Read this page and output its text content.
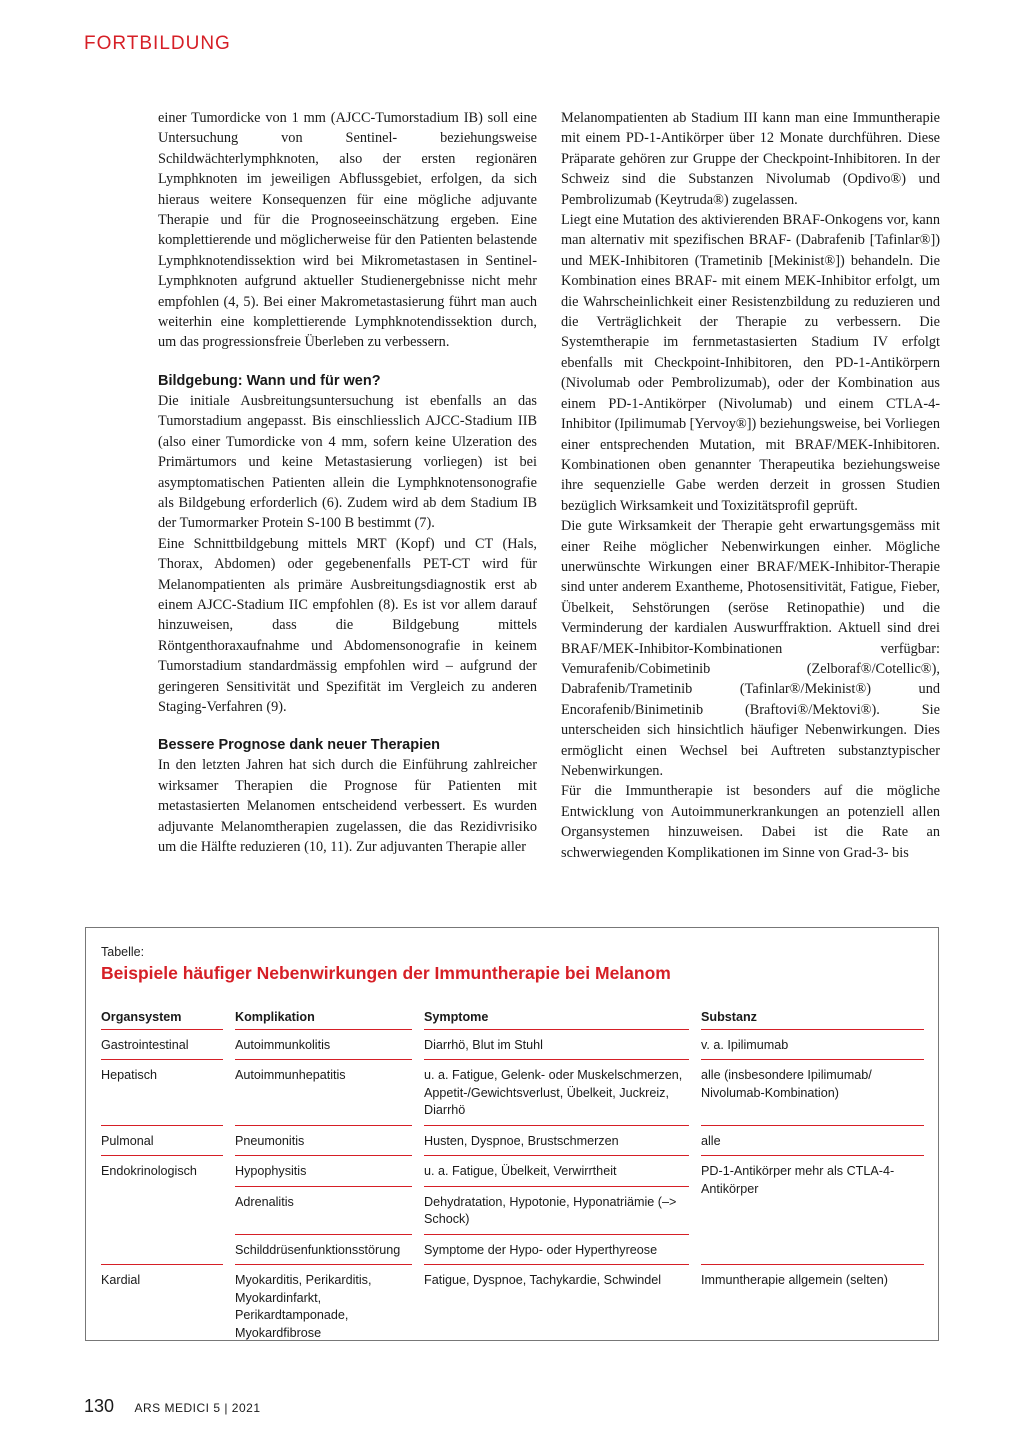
FORTBILDUNG

einer Tumordicke von 1 mm (AJCC-Tumorstadium IB) soll eine Untersuchung von Sentinel- beziehungsweise Schildwächterlymphknoten, also der ersten regionären Lymphknoten im jeweiligen Abflussgebiet, erfolgen, da sich hieraus weitere Konsequenzen für eine mögliche adjuvante Therapie und für die Prognoseeinschätzung ergeben. Eine komplettierende und möglicherweise für den Patienten belastende Lymphknotendissektion wird bei Mikrometastasen in Sentinel-Lymphknoten aufgrund aktueller Studienergebnisse nicht mehr empfohlen (4, 5). Bei einer Makrometastasierung führt man auch weiterhin eine komplettierende Lymphknotendissektion durch, um das progressionsfreie Überleben zu verbessern.

Bildgebung: Wann und für wen?

Die initiale Ausbreitungsuntersuchung ist ebenfalls an das Tumorstadium angepasst. Bis einschliesslich AJCC-Stadium IIB (also einer Tumordicke von 4 mm, sofern keine Ulzeration des Primärtumors und keine Metastasierung vorliegen) ist bei asymptomatischen Patienten allein die Lymphknotensonografie als Bildgebung erforderlich (6). Zudem wird ab dem Stadium IB der Tumormarker Protein S-100 B bestimmt (7).

Eine Schnittbildgebung mittels MRT (Kopf) und CT (Hals, Thorax, Abdomen) oder gegebenenfalls PET-CT wird für Melanompatienten als primäre Ausbreitungsdiagnostik erst ab einem AJCC-Stadium IIC empfohlen (8). Es ist vor allem darauf hinzuweisen, dass die Bildgebung mittels Röntgenthoraxaufnahme und Abdomensonografie in keinem Tumorstadium standardmässig empfohlen wird – aufgrund der geringeren Sensitivität und Spezifität im Vergleich zu anderen Staging-Verfahren (9).

Bessere Prognose dank neuer Therapien

In den letzten Jahren hat sich durch die Einführung zahlreicher wirksamer Therapien die Prognose für Patienten mit metastasierten Melanomen entscheidend verbessert. Es wurden adjuvante Melanomtherapien zugelassen, die das Rezidivrisiko um die Hälfte reduzieren (10, 11). Zur adjuvanten Therapie aller

Melanompatienten ab Stadium III kann man eine Immuntherapie mit einem PD-1-Antikörper über 12 Monate durchführen. Diese Präparate gehören zur Gruppe der Checkpoint-Inhibitoren. In der Schweiz sind die Substanzen Nivolumab (Opdivo®) und Pembrolizumab (Keytruda®) zugelassen.

Liegt eine Mutation des aktivierenden BRAF-Onkogens vor, kann man alternativ mit spezifischen BRAF- (Dabrafenib [Tafinlar®]) und MEK-Inhibitoren (Trametinib [Mekinist®]) behandeln. Die Kombination eines BRAF- mit einem MEK-Inhibitor erfolgt, um die Wahrscheinlichkeit einer Resistenzbildung zu reduzieren und die Verträglichkeit der Therapie zu verbessern. Die Systemtherapie im fernmetastasierten Stadium IV erfolgt ebenfalls mit Checkpoint-Inhibitoren, den PD-1-Antikörpern (Nivolumab oder Pembrolizumab), oder der Kombination aus einem PD-1-Antikörper (Nivolumab) und einem CTLA-4-Inhibitor (Ipilimumab [Yervoy®]) beziehungsweise, bei Vorliegen einer entsprechenden Mutation, mit BRAF/MEK-Inhibitoren. Kombinationen oben genannter Therapeutika beziehungsweise ihre sequenzielle Gabe werden derzeit in grossen Studien bezüglich Wirksamkeit und Toxizitätsprofil geprüft.

Die gute Wirksamkeit der Therapie geht erwartungsgemäss mit einer Reihe möglicher Nebenwirkungen einher. Mögliche unerwünschte Wirkungen einer BRAF/MEK-Inhibitor-Therapie sind unter anderem Exantheme, Photosensitivität, Fatigue, Fieber, Übelkeit, Sehstörungen (seröse Retinopathie) und die Verminderung der kardialen Auswurffraktion. Aktuell sind drei BRAF/MEK-Inhibitor-Kombinationen verfügbar: Vemurafenib/Cobimetinib (Zelboraf®/Cotellic®), Dabrafenib/Trametinib (Tafinlar®/Mekinist®) und Encorafenib/Binimetinib (Braftovi®/Mektovi®). Sie unterscheiden sich hinsichtlich häufiger Nebenwirkungen. Dies ermöglicht einen Wechsel bei Auftreten substanztypischer Nebenwirkungen.

Für die Immuntherapie ist besonders auf die mögliche Entwicklung von Autoimmunerkrankungen an potenziell allen Organsystemen hinzuweisen. Dabei ist die Rate an schwerwiegenden Komplikationen im Sinne von Grad-3- bis

Tabelle:
Beispiele häufiger Nebenwirkungen der Immuntherapie bei Melanom
Organsystem		Komplikation		Symptome		Substanz
Gastrointestinal		Autoimmunkolitis		Diarrhö, Blut im Stuhl		v. a. Ipilimumab
Hepatisch		Autoimmunhepatitis		u. a. Fatigue, Gelenk- oder Muskelschmerzen, Appetit-/Gewichtsverlust, Übelkeit, Juckreiz, Diarrhö		alle (insbesondere Ipilimumab/ Nivolumab-Kombination)
Pulmonal		Pneumonitis		Husten, Dyspnoe, Brustschmerzen		alle
Endokrinologisch		Hypophysitis		u. a. Fatigue, Übelkeit, Verwirrtheit		PD-1-Antikörper mehr als CTLA-4-Antikörper
		Adrenalitis		Dehydratation, Hypotonie, Hyponatriämie (–> Schock)		
		Schilddrüsenfunktionsstörung		Symptome der Hypo- oder Hyperthyreose		
Kardial		Myokarditis, Perikarditis, Myokardinfarkt, Perikardtamponade, Myokardfibrose		Fatigue, Dyspnoe, Tachykardie, Schwindel		Immuntherapie allgemein (selten)
130 ARS MEDICI 5 | 2021
